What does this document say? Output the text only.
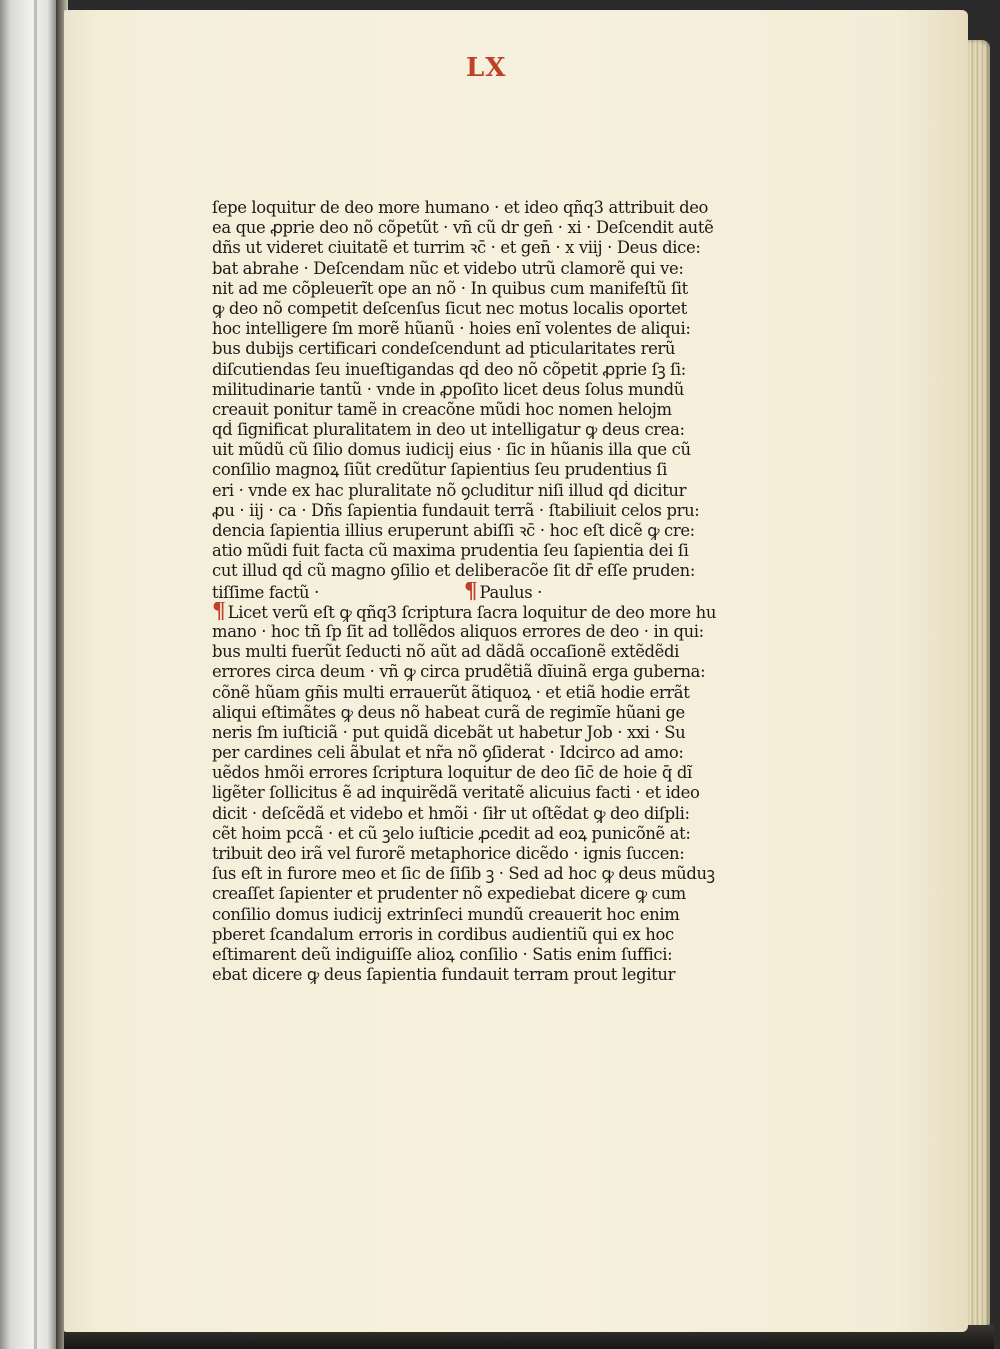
LX
ſepe loquitur de deo more humano · et ideo qñq3 attribuit deo
ea que ꝓprie deo nõ cõpetũt · vñ cũ dr gen̄ · xi · Deſcendit autẽ
dñs ut videret ciuitatẽ et turrim ꝛc̄ · et gen̄ · x viij · Deus dice:
bat abrahe · Deſcendam nũc et videbo utrũ clamorẽ qui ve:
nit ad me cõpleuerĩt ope an nõ · In quibus cum manifeſtũ ſit
ꝙ deo nõ competit deſcenſus ſicut nec motus localis oportet
hoc intelligere ſm morẽ hũanũ · hoies enĩ volentes de aliqui:
bus dubijs certificari condeſcendunt ad pticularitates rerũ
diſcutiendas ſeu inueſtigandas qḋ deo nõ cõpetit ꝓprie ſꝫ ſi:
militudinarie tantũ · vnde in ꝓpoſito licet deus ſolus mundũ
creauit ponitur tamẽ in creacõne mũdi hoc nomen helojm
qḋ ſignificat pluralitatem in deo ut intelligatur ꝙ deus crea:
uit mũdũ cũ ſilio domus iudicij eius · ſic in hũanis illa que cũ
conſilio magnoꝝ ſiũt credũtur ſapientius ſeu prudentius ſi
eri · vnde ex hac pluralitate nõ ꝯcluditur niſi illud qḋ dicitur
ꝓu · iij · ca · Dñs ſapientia fundauit terrã · ſtabiliuit celos pru:
dencia ſapientia illius eruperunt abiſſi ꝛc̄ · hoc eſt dicẽ ꝙ cre:
atio mũdi fuit facta cũ maxima prudentia ſeu ſapientia dei ſi
cut illud qḋ cũ magno ꝯſilio et deliberacõe ſit dr̄ eſſe pruden:
tiſſime factũ ·	¶ Paulus ·
¶ Licet verũ eſt ꝙ qñq3 ſcriptura ſacra loquitur de deo more hu
mano · hoc tñ ſp ſit ad tollẽdos aliquos errores de deo · in qui:
bus multi fuerũt ſeducti nõ aũt ad dãdã occaſionẽ extẽdẽdi
errores circa deum · vñ ꝙ circa prudẽtiã dĩuinã erga guberna:
cõnẽ hũam gñis multi errauerũt ãtiquoꝝ · et etiã hodie errãt
aliqui eſtimãtes ꝙ deus nõ habeat curã de regimĩe hũani ge
neris ſm iuſticiã · put quidã dicebãt ut habetur Job · xxi · Su
per cardines celi ãbulat et nr̃a nõ ꝯſiderat · Idcirco ad amo:
uẽdos hmõi errores ſcriptura loquitur de deo ſic̄ de hoie q̄ dĩ
ligẽter ſollicitus ẽ ad inquirẽdã veritatẽ alicuius facti · et ideo
dicit · deſcẽdã et videbo et hmõi · ſiłr ut oſtẽdat ꝙ deo diſpli:
cẽt hoim pccã · et cũ ꝫelo iuſticie ꝓcedit ad eoꝝ punicõnẽ at:
tribuit deo irã vel furorẽ metaphorice dicẽdo · ignis ſuccen:
ſus eſt in furore meo et ſic de ſiſib ꝫ · Sed ad hoc ꝙ deus mũduꝫ
creaſſet ſapienter et prudenter nõ expediebat dicere ꝙ cum
conſilio domus iudicij extrinſeci mundũ creauerit hoc enim
pberet ſcandalum erroris in cordibus audientiũ qui ex hoc
eſtimarent deũ indiguiſſe alioꝝ conſilio · Satis enim ſuffici:
ebat dicere ꝙ deus ſapientia fundauit terram prout legitur
